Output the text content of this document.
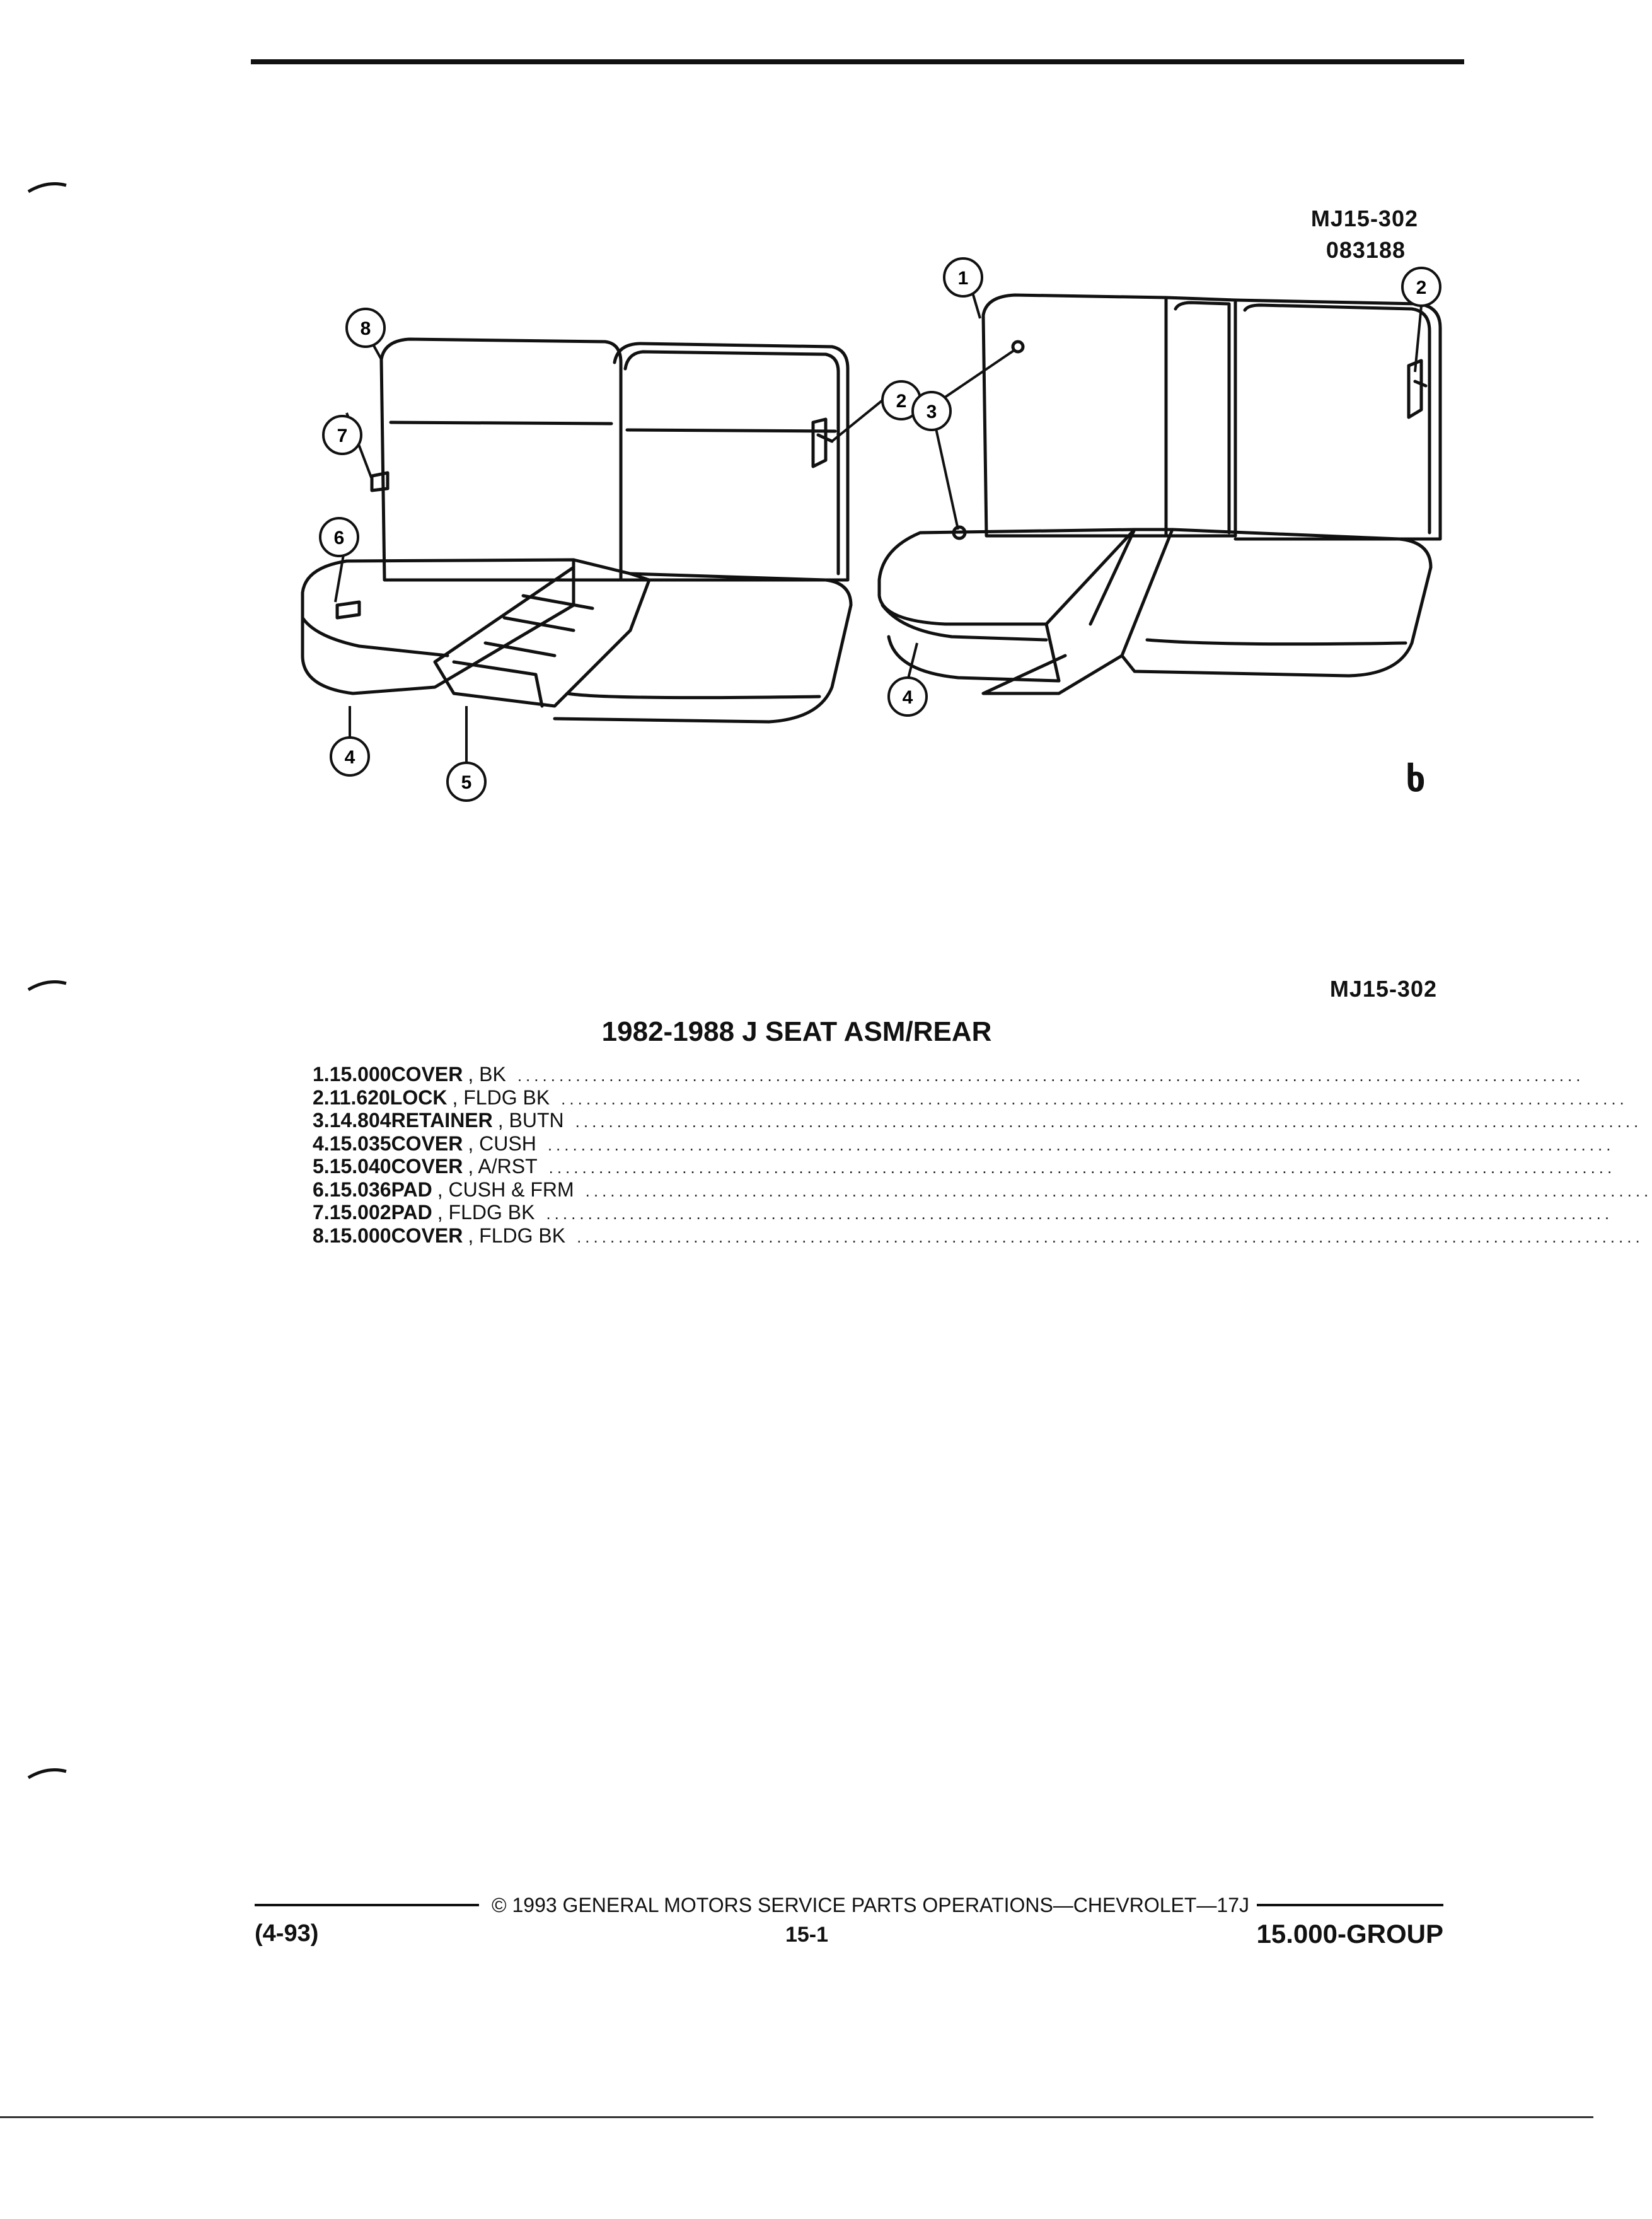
MJ15-302
083188
8
7
6
2
4
5
1
3
4
2
ხ
MJ15-302
1982-1988 J SEAT ASM/REAR
1. 15.000 COVER , BK ................................................................................................................................
2. 11.620 LOCK , FLDG BK ................................................................................................................................
3. 14.804 RETAINER , BUTN ................................................................................................................................
4. 15.035 COVER , CUSH ................................................................................................................................
5. 15.040 COVER , A/RST ................................................................................................................................
6. 15.036 PAD , CUSH & FRM ................................................................................................................................
7. 15.002 PAD , FLDG BK ................................................................................................................................
8. 15.000 COVER , FLDG BK ................................................................................................................................
© 1993 GENERAL MOTORS SERVICE PARTS OPERATIONS—CHEVROLET—17J
(4-93)	15-1	15.000-GROUP
